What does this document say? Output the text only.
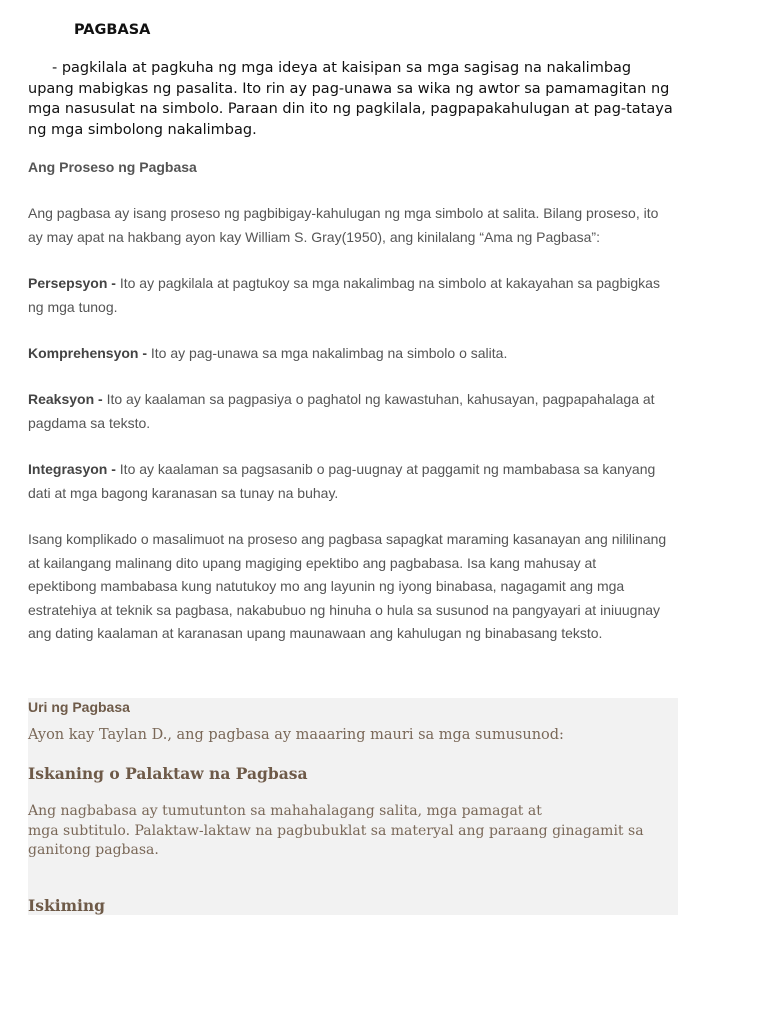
PAGBASA

- pagkilala at pagkuha ng mga ideya at kaisipan sa mga sagisag na nakalimbag upang mabigkas ng pasalita. Ito rin ay pag-unawa sa wika ng awtor sa pamamagitan ng mga nasusulat na simbolo. Paraan din ito ng pagkilala, pagpapakahulugan at pag-tataya ng mga simbolong nakalimbag.

Ang Proseso ng Pagbasa

Ang pagbasa ay isang proseso ng pagbibigay-kahulugan ng mga simbolo at salita. Bilang proseso, ito ay may apat na hakbang ayon kay William S. Gray(1950), ang kinilalang “Ama ng Pagbasa”:

Persepsyon - Ito ay pagkilala at pagtukoy sa mga nakalimbag na simbolo at kakayahan sa pagbigkas ng mga tunog.

Komprehensyon - Ito ay pag-unawa sa mga nakalimbag na simbolo o salita.

Reaksyon - Ito ay kaalaman sa pagpasiya o paghatol ng kawastuhan, kahusayan, pagpapahalaga at pagdama sa teksto.

Integrasyon - Ito ay kaalaman sa pagsasanib o pag-uugnay at paggamit ng mambabasa sa kanyang dati at mga bagong karanasan sa tunay na buhay.

Isang komplikado o masalimuot na proseso ang pagbasa sapagkat maraming kasanayan ang nililinang at kailangang malinang dito upang magiging epektibo ang pagbabasa. Isa kang mahusay at epektibong mambabasa kung natutukoy mo ang layunin ng iyong binabasa, nagagamit ang mga estratehiya at teknik sa pagbasa, nakabubuo ng hinuha o hula sa susunod na pangyayari at iniuugnay ang dating kaalaman at karanasan upang maunawaan ang kahulugan ng binabasang teksto.

Uri ng Pagbasa

Ayon kay Taylan D., ang pagbasa ay maaaring mauri sa mga sumusunod:

Iskaning o Palaktaw na Pagbasa

Ang nagbabasa ay tumutunton sa mahahalagang salita, mga pamagat at
mga subtitulo. Palaktaw-laktaw na pagbubuklat sa materyal ang paraang ginagamit sa ganitong pagbasa.

Iskiming
